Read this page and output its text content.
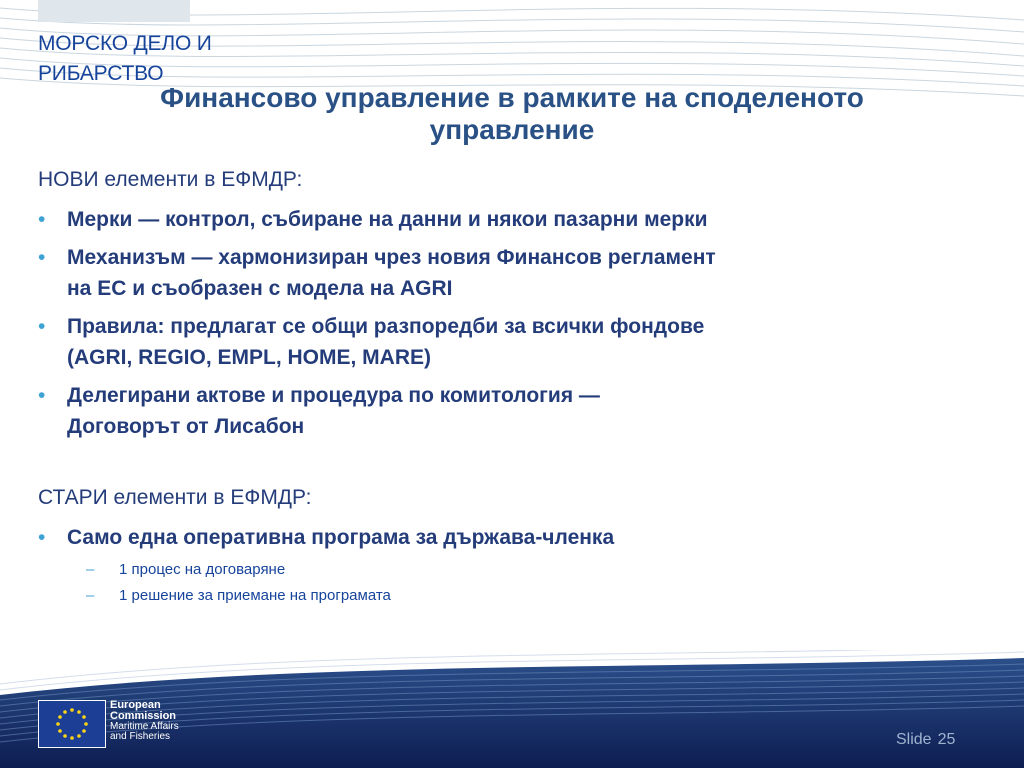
МОРСКО ДЕЛО И
РИБАРСТВО
Финансово управление в рамките на споделеното
управление
НОВИ елементи в ЕФМДР:
• Мерки — контрол, събиране на данни и някои пазарни мерки
• Механизъм — хармонизиран чрез новия Финансов регламент
на ЕС и съобразен с модела на AGRI
• Правила: предлагат се общи разпоредби за всички фондове
(AGRI, REGIO, EMPL, HOME, MARE)
• Делегирани актове и процедура по комитология —
Договорът от Лисабон
СТАРИ елементи в ЕФМДР:
• Само една оперативна програма за държава-членка
– 1 процес на договаряне
– 1 решение за приемане на програмата
European
Commission
Maritime Affairs
and Fisheries	Slide 25
